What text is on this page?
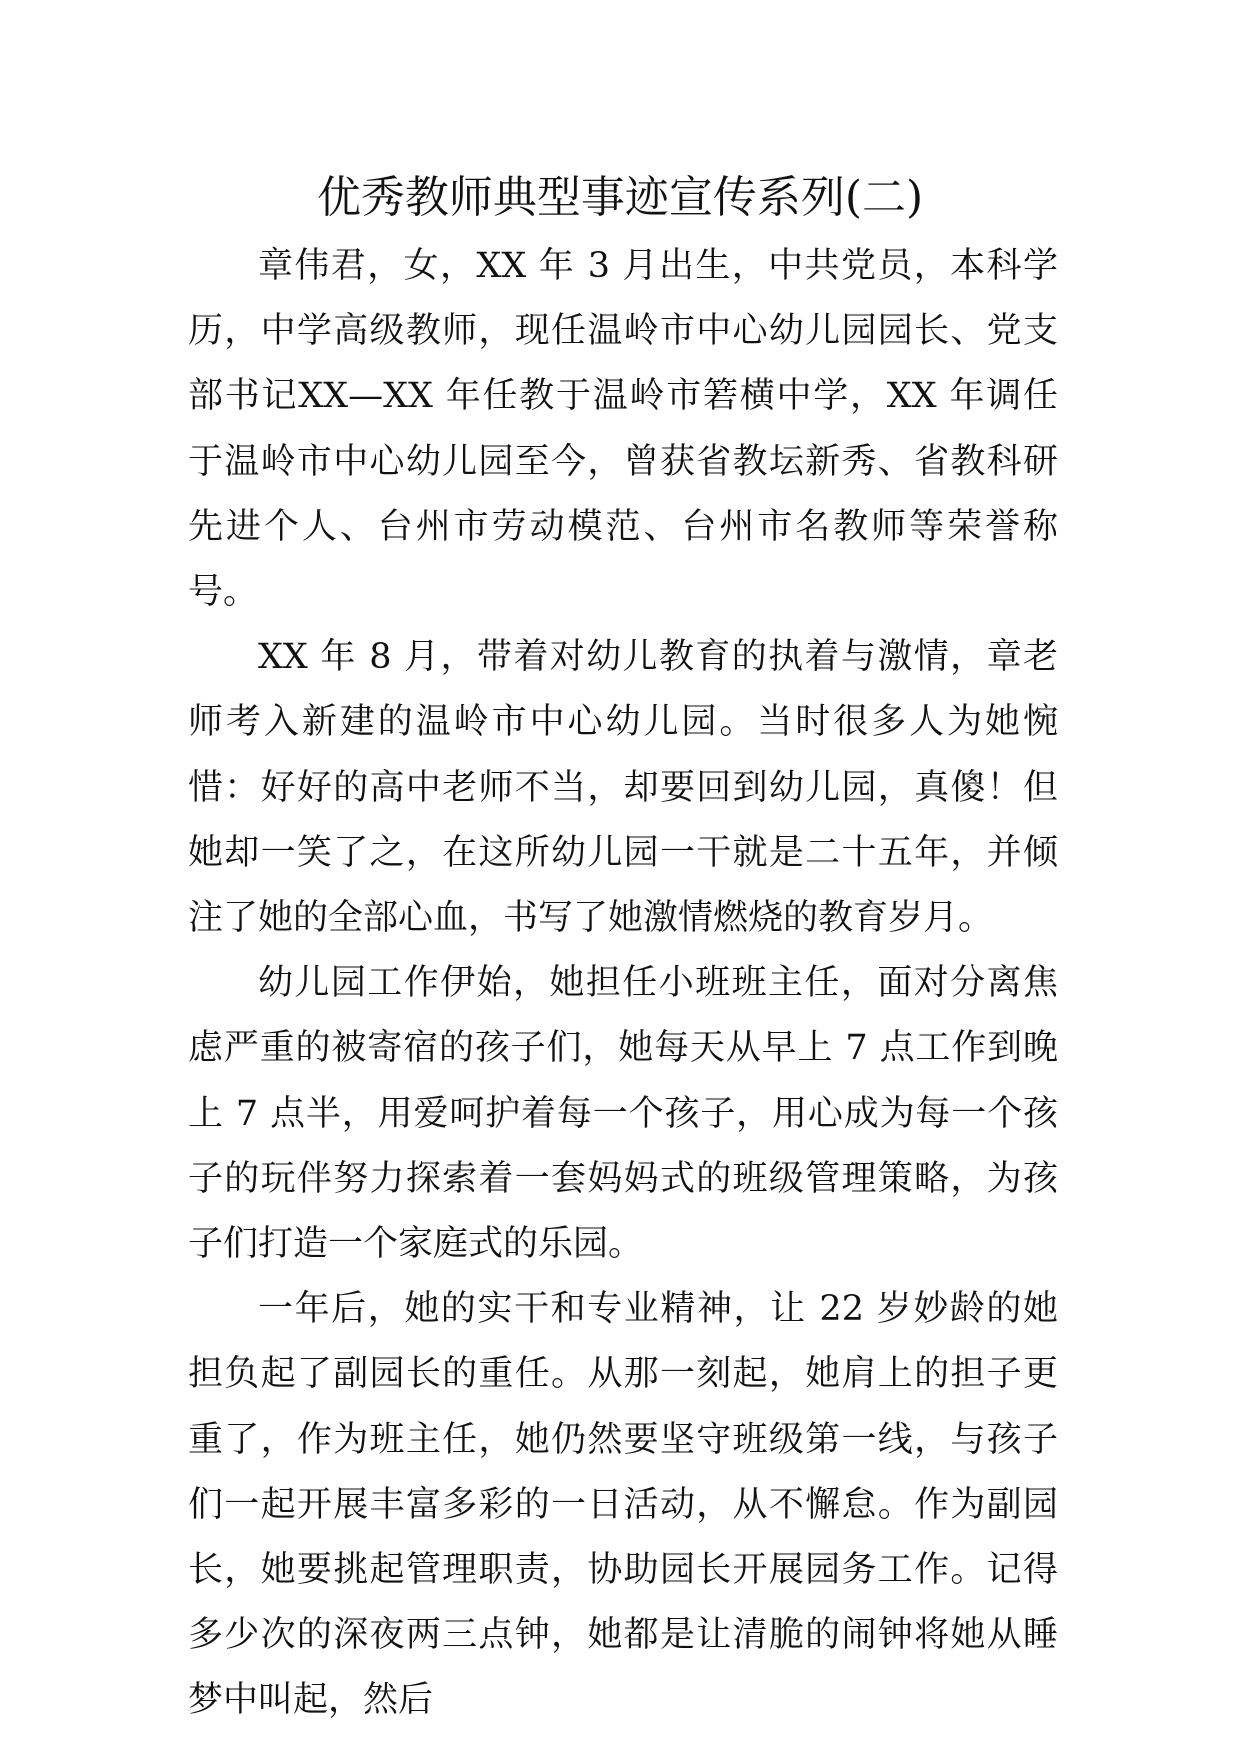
优秀教师典型事迹宣传系列(二)

章伟君，女，XX 年 3 月出生，中共党员，本科学历，中学高级教师，现任温岭市中心幼儿园园长、党支部书记XX—XX 年任教于温岭市箬横中学，XX 年调任于温岭市中心幼儿园至今，曾获省教坛新秀、省教科研先进个人、台州市劳动模范、台州市名教师等荣誉称号。

XX 年 8 月，带着对幼儿教育的执着与激情，章老师考入新建的温岭市中心幼儿园。当时很多人为她惋惜：好好的高中老师不当，却要回到幼儿园，真傻！但她却一笑了之，在这所幼儿园一干就是二十五年，并倾注了她的全部心血，书写了她激情燃烧的教育岁月。

幼儿园工作伊始，她担任小班班主任，面对分离焦虑严重的被寄宿的孩子们，她每天从早上 7 点工作到晚上 7 点半，用爱呵护着每一个孩子，用心成为每一个孩子的玩伴努力探索着一套妈妈式的班级管理策略，为孩子们打造一个家庭式的乐园。

一年后，她的实干和专业精神，让 22 岁妙龄的她担负起了副园长的重任。从那一刻起，她肩上的担子更重了，作为班主任，她仍然要坚守班级第一线，与孩子们一起开展丰富多彩的一日活动，从不懈怠。作为副园长，她要挑起管理职责，协助园长开展园务工作。记得多少次的深夜两三点钟，她都是让清脆的闹钟将她从睡梦中叫起，然后
